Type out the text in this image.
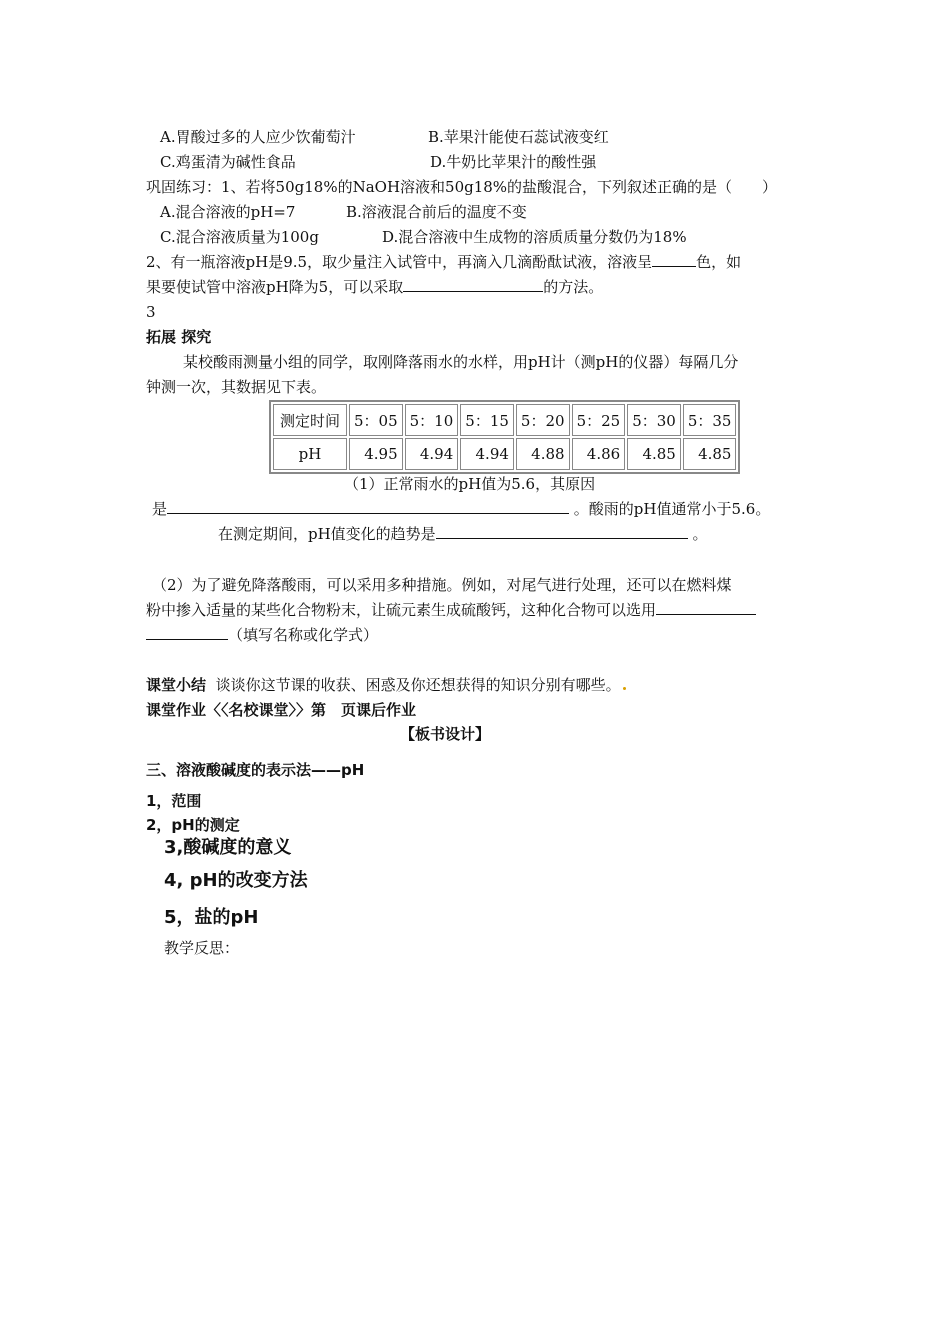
A.胃酸过多的人应少饮葡萄汁	B.苹果汁能使石蕊试液变红
C.鸡蛋清为碱性食品	D.牛奶比苹果汁的酸性强
巩固练习：1、若将50g18%的NaOH溶液和50g18%的盐酸混合，下列叙述正确的是（　　）
A.混合溶液的pH=7	B.溶液混合前后的温度不变
C.混合溶液质量为100g	D.混合溶液中生成物的溶质质量分数仍为18%
2、有一瓶溶液pH是9.5，取少量注入试管中，再滴入几滴酚酞试液，溶液呈	色，如
果要使试管中溶液pH降为5，可以采取	的方法。
3
拓展 探究
某校酸雨测量小组的同学，取刚降落雨水的水样，用pH计（测pH的仪器）每隔几分
钟测一次，其数据见下表。
测定时间	5：05	5：10	5：15	5：20	5：25	5：30	5：35
pH	4.95	4.94	4.94	4.88	4.86	4.85	4.85
（1）正常雨水的pH值为5.6，其原因
是	。酸雨的pH值通常小于5.6。
在测定期间，pH值变化的趋势是	。
（2）为了避免降落酸雨，可以采用多种措施。例如，对尾气进行处理，还可以在燃料煤
粉中掺入适量的某些化合物粉末，让硫元素生成硫酸钙，这种化合物可以选用
（填写名称或化学式）
课堂小结 谈谈你这节课的收获、困惑及你还想获得的知识分别有哪些。
课堂作业〈〈名校课堂〉〉第　页课后作业
【板书设计】
三、溶液酸碱度的表示法——pH
1，范围
2，pH的测定
3,酸碱度的意义
4, pH的改变方法
5，盐的pH
教学反思：
